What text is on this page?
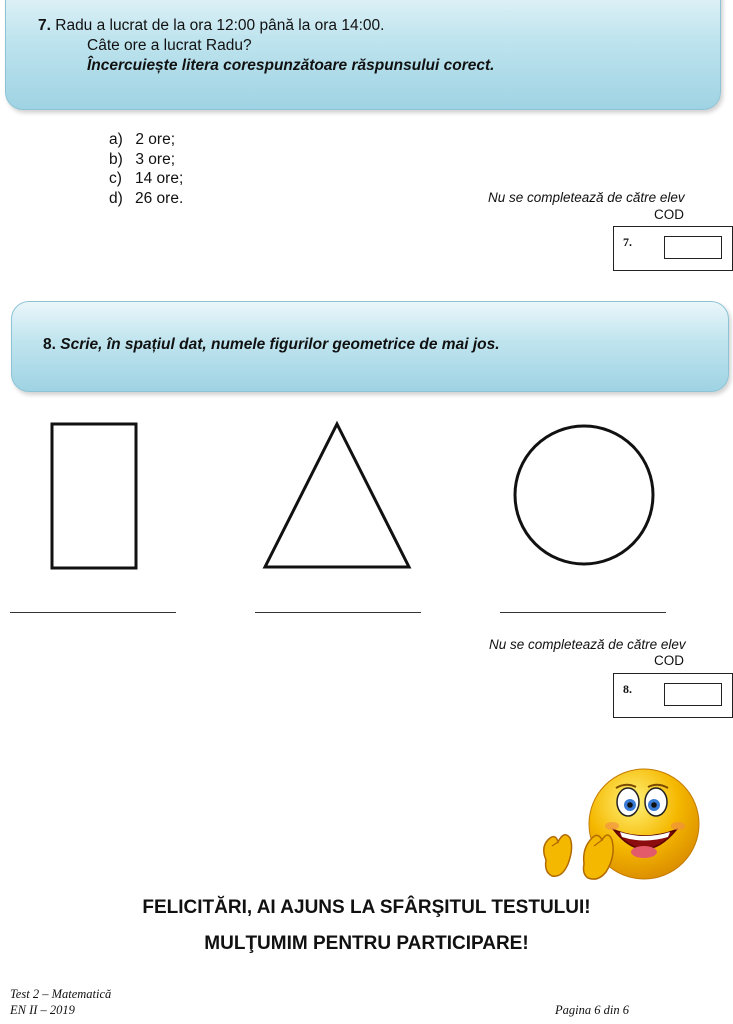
7. Radu a lucrat de la ora 12:00 până la ora 14:00.
Câte ore a lucrat Radu?
Încercuiește litera corespunzătoare răspunsului corect.
a) 2 ore;
b) 3 ore;
c) 14 ore;
d) 26 ore.	Nu se completează de către elev
COD
7.
8. Scrie, în spațiul dat, numele figurilor geometrice de mai jos.
Nu se completează de către elev
COD
8.
FELICITĂRI, AI AJUNS LA SFÂRŞITUL TESTULUI!
MULŢUMIM PENTRU PARTICIPARE!
Test 2 – Matematică
EN II – 2019	Pagina 6 din 6
